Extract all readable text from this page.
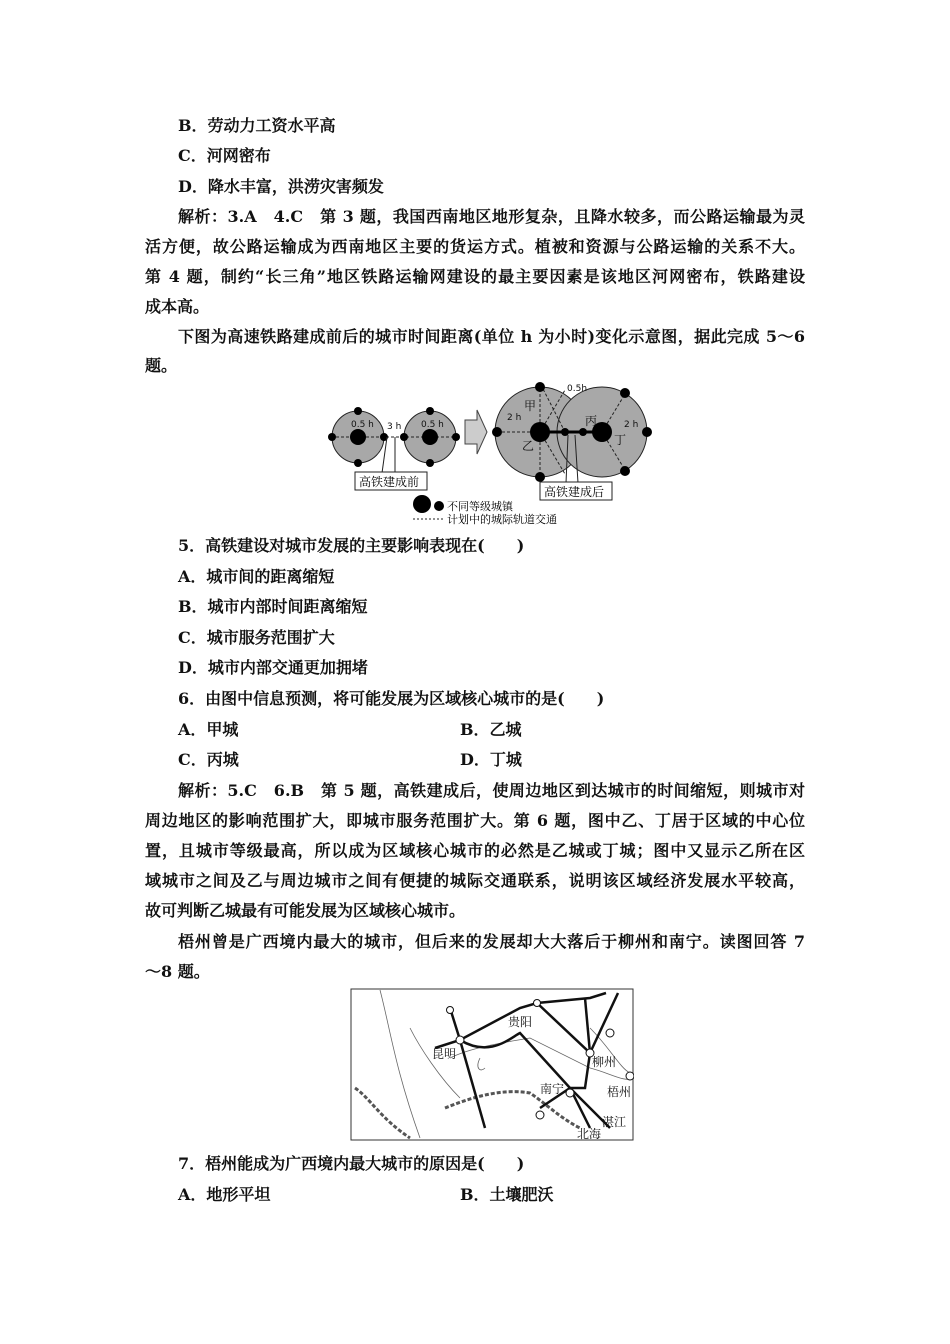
B．劳动力工资水平高
C．河网密布
D．降水丰富，洪涝灾害频发
解析：3.A　4.C　第 3 题，我国西南地区地形复杂，且降水较多，而公路运输最为灵
活方便，故公路运输成为西南地区主要的货运方式。植被和资源与公路运输的关系不大。
第 4 题，制约“长三角”地区铁路运输网建设的最主要因素是该地区河网密布，铁路建设
成本高。
下图为高速铁路建成前后的城市时间距离(单位 h 为小时)变化示意图，据此完成 5～6
题。
0.5 h	0.5 h
3 h
2 h
2 h
0.5h
甲
乙
丙
丁
高铁建成前
高铁建成后
不同等级城镇
计划中的城际轨道交通
5．高铁建设对城市发展的主要影响表现在(　　)
A．城市间的距离缩短
B．城市内部时间距离缩短
C．城市服务范围扩大
D．城市内部交通更加拥堵
6．由图中信息预测，将可能发展为区域核心城市的是(　　)
A．甲城	B．乙城
C．丙城	D．丁城
解析：5.C　6.B　第 5 题，高铁建成后，使周边地区到达城市的时间缩短，则城市对
周边地区的影响范围扩大，即城市服务范围扩大。第 6 题，图中乙、丁居于区域的中心位
置，且城市等级最高，所以成为区域核心城市的必然是乙城或丁城；图中又显示乙所在区
域城市之间及乙与周边城市之间有便捷的城际交通联系，说明该区域经济发展水平较高，
故可判断乙城最有可能发展为区域核心城市。
梧州曾是广西境内最大的城市，但后来的发展却大大落后于柳州和南宁。读图回答 7
～8 题。
贵阳
昆明
柳州
梧州
南宁
湛江
北海
7．梧州能成为广西境内最大城市的原因是(　　)
A．地形平坦	B．土壤肥沃
